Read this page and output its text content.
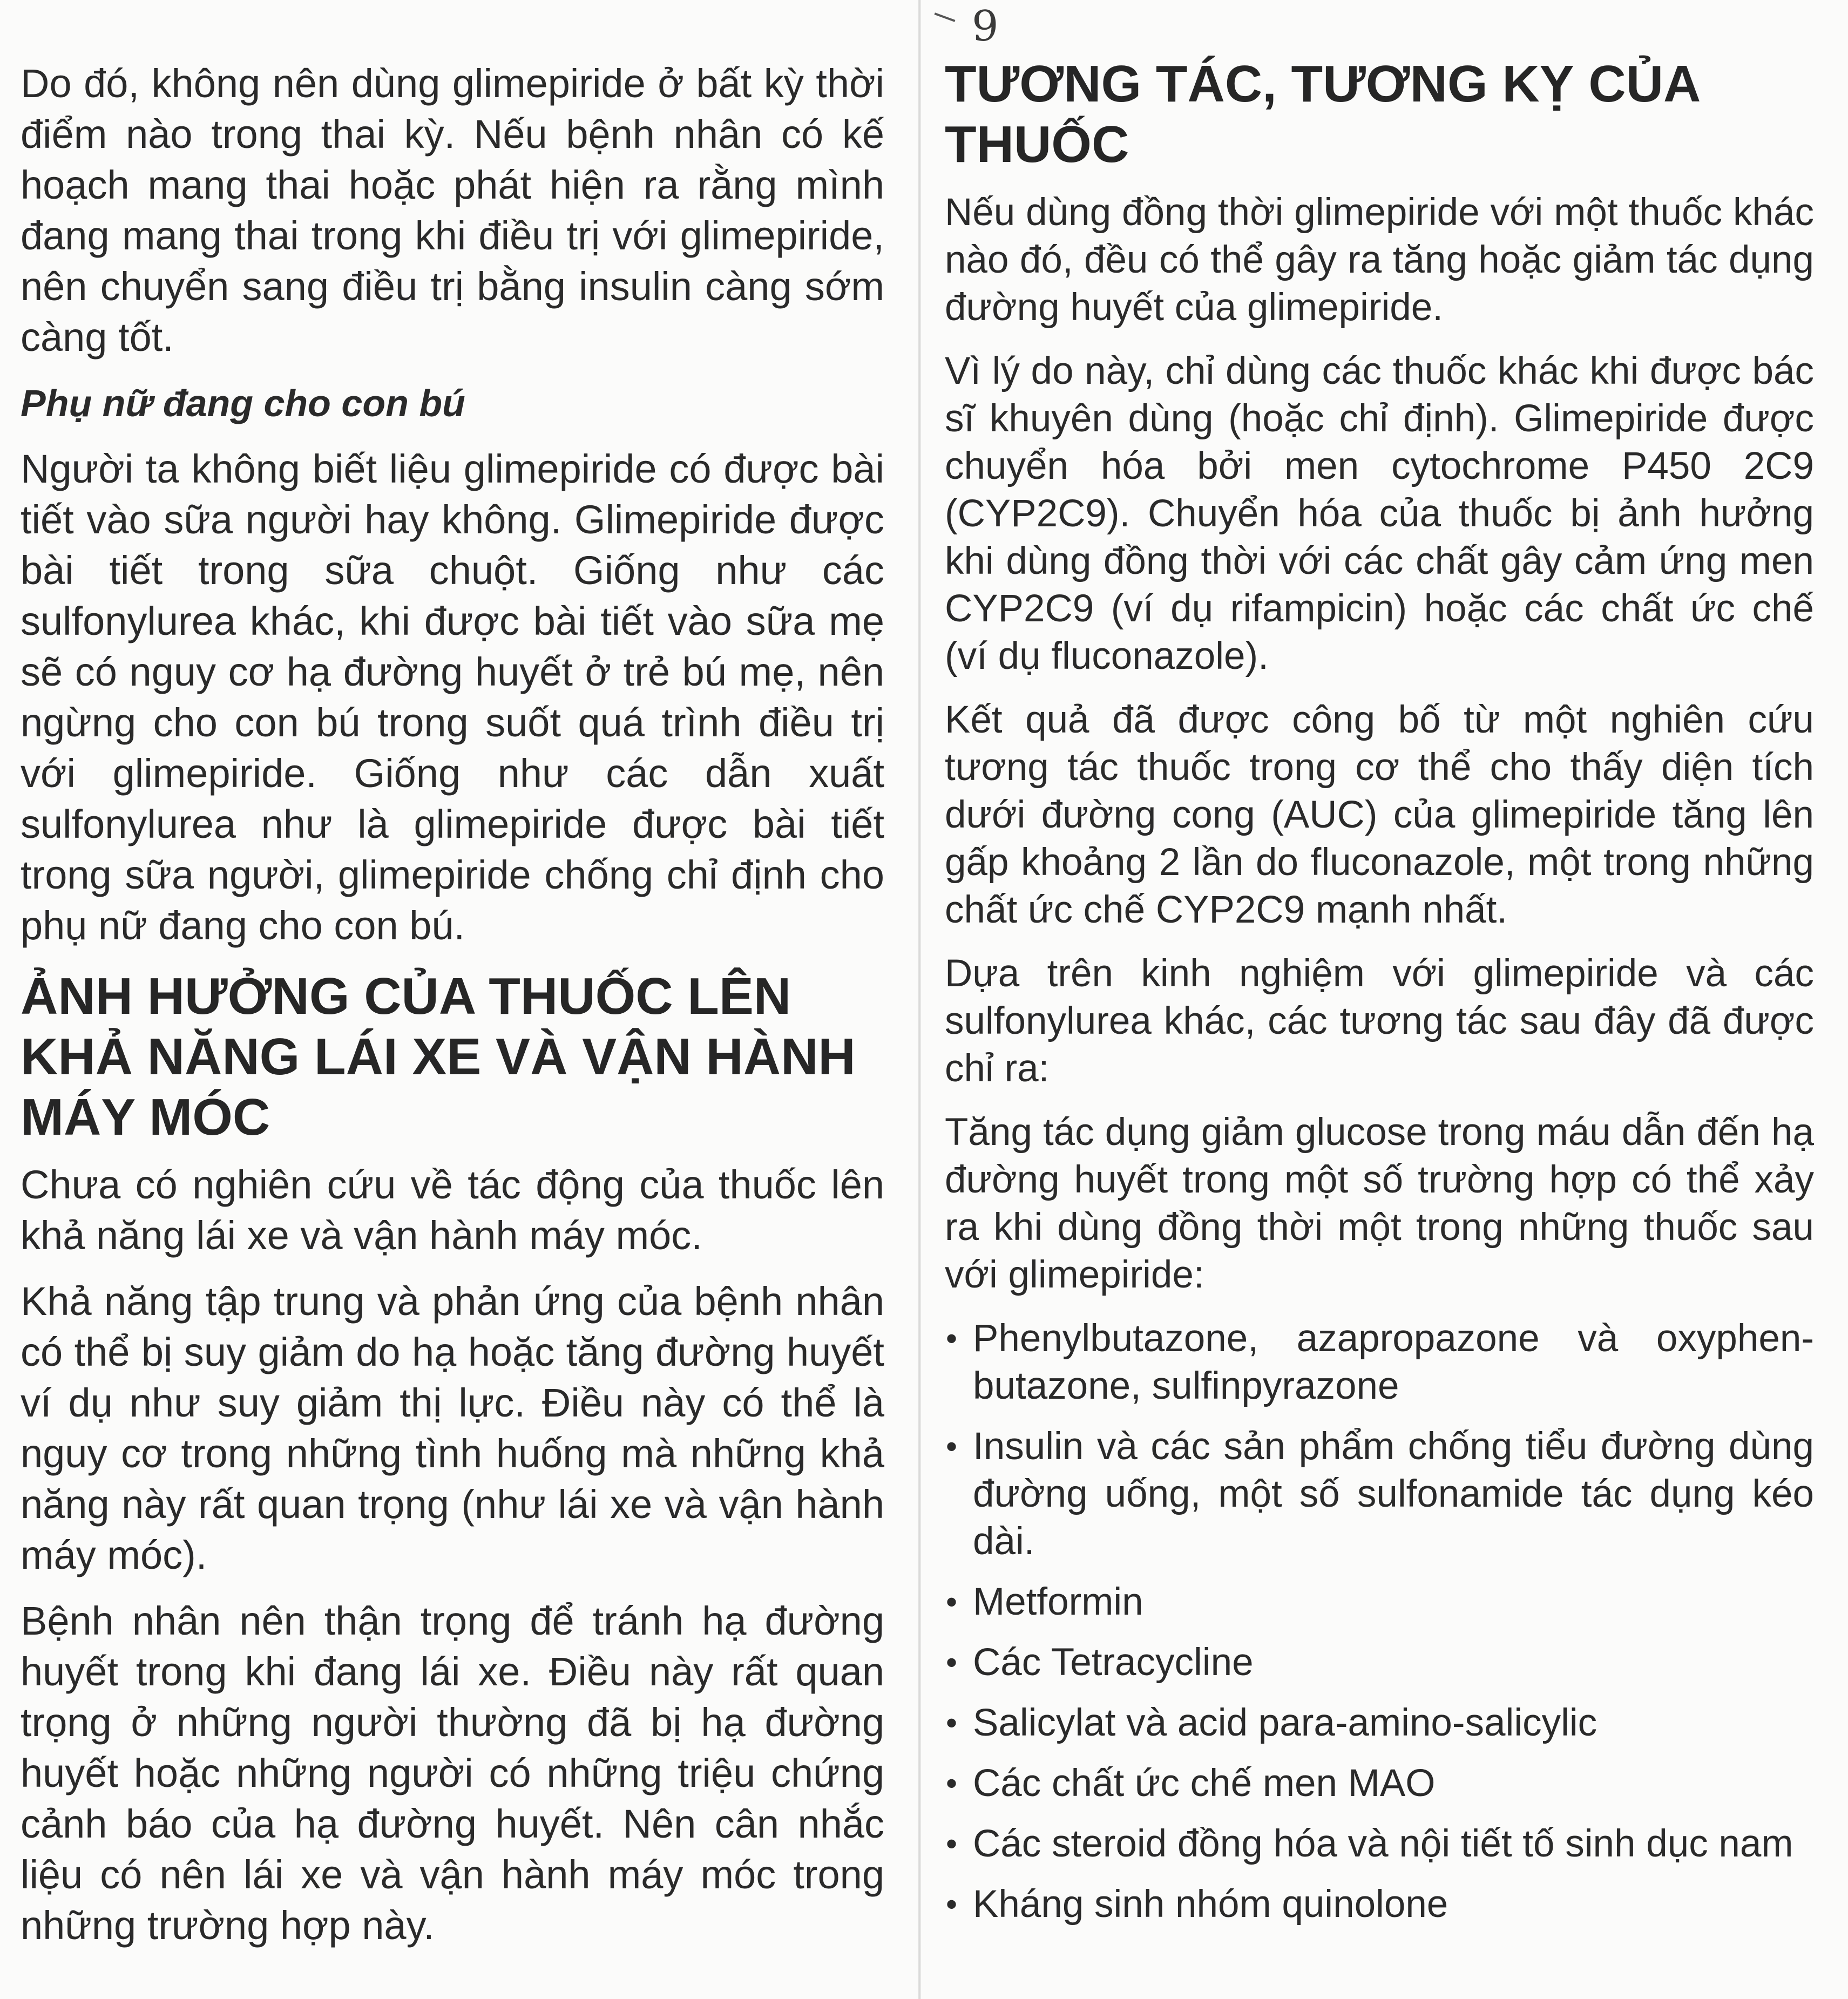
9

Do đó, không nên dùng glimepiride ở bất kỳ thời điểm nào trong thai kỳ. Nếu bệnh nhân có kế hoạch mang thai hoặc phát hiện ra rằng mình đang mang thai trong khi điều trị với glimepiride, nên chuyển sang điều trị bằng insulin càng sớm càng tốt.

Phụ nữ đang cho con bú

Người ta không biết liệu glimepiride có được bài tiết vào sữa người hay không. Glimepiride được bài tiết trong sữa chuột. Giống như các sulfonylurea khác, khi được bài tiết vào sữa mẹ sẽ có nguy cơ hạ đường huyết ở trẻ bú mẹ, nên ngừng cho con bú trong suốt quá trình điều trị với glimepiride. Giống như các dẫn xuất sulfonylurea như là glimepiride được bài tiết trong sữa người, glimepiride chống chỉ định cho phụ nữ đang cho con bú.

ẢNH HƯỞNG CỦA THUỐC LÊN KHẢ NĂNG LÁI XE VÀ VẬN HÀNH MÁY MÓC

Chưa có nghiên cứu về tác động của thuốc lên khả năng lái xe và vận hành máy móc.

Khả năng tập trung và phản ứng của bệnh nhân có thể bị suy giảm do hạ hoặc tăng đường huyết ví dụ như suy giảm thị lực. Điều này có thể là nguy cơ trong những tình huống mà những khả năng này rất quan trọng (như lái xe và vận hành máy móc).

Bệnh nhân nên thận trọng để tránh hạ đường huyết trong khi đang lái xe. Điều này rất quan trọng ở những người thường đã bị hạ đường huyết hoặc những người có những triệu chứng cảnh báo của hạ đường huyết. Nên cân nhắc liệu có nên lái xe và vận hành máy móc trong những trường hợp này.

TƯƠNG TÁC, TƯƠNG KỴ CỦA THUỐC

Nếu dùng đồng thời glimepiride với một thuốc khác nào đó, đều có thể gây ra tăng hoặc giảm tác dụng đường huyết của glimepiride.

Vì lý do này, chỉ dùng các thuốc khác khi được bác sĩ khuyên dùng (hoặc chỉ định). Glimepiride được chuyển hóa bởi men cytochrome P450 2C9 (CYP2C9). Chuyển hóa của thuốc bị ảnh hưởng khi dùng đồng thời với các chất gây cảm ứng men CYP2C9 (ví dụ rifampicin) hoặc các chất ức chế (ví dụ fluconazole).

Kết quả đã được công bố từ một nghiên cứu tương tác thuốc trong cơ thể cho thấy diện tích dưới đường cong (AUC) của glimepiride tăng lên gấp khoảng 2 lần do fluconazole, một trong những chất ức chế CYP2C9 mạnh nhất.

Dựa trên kinh nghiệm với glimepiride và các sulfonylurea khác, các tương tác sau đây đã được chỉ ra:

Tăng tác dụng giảm glucose trong máu dẫn đến hạ đường huyết trong một số trường hợp có thể xảy ra khi dùng đồng thời một trong những thuốc sau với glimepiride:

• Phenylbutazone, azapropazone và oxyphen-butazone, sulfinpyrazone
• Insulin và các sản phẩm chống tiểu đường dùng đường uống, một số sulfonamide tác dụng kéo dài.
• Metformin
• Các Tetracycline
• Salicylat và acid para-amino-salicylic
• Các chất ức chế men MAO
• Các steroid đồng hóa và nội tiết tố sinh dục nam
• Kháng sinh nhóm quinolone
